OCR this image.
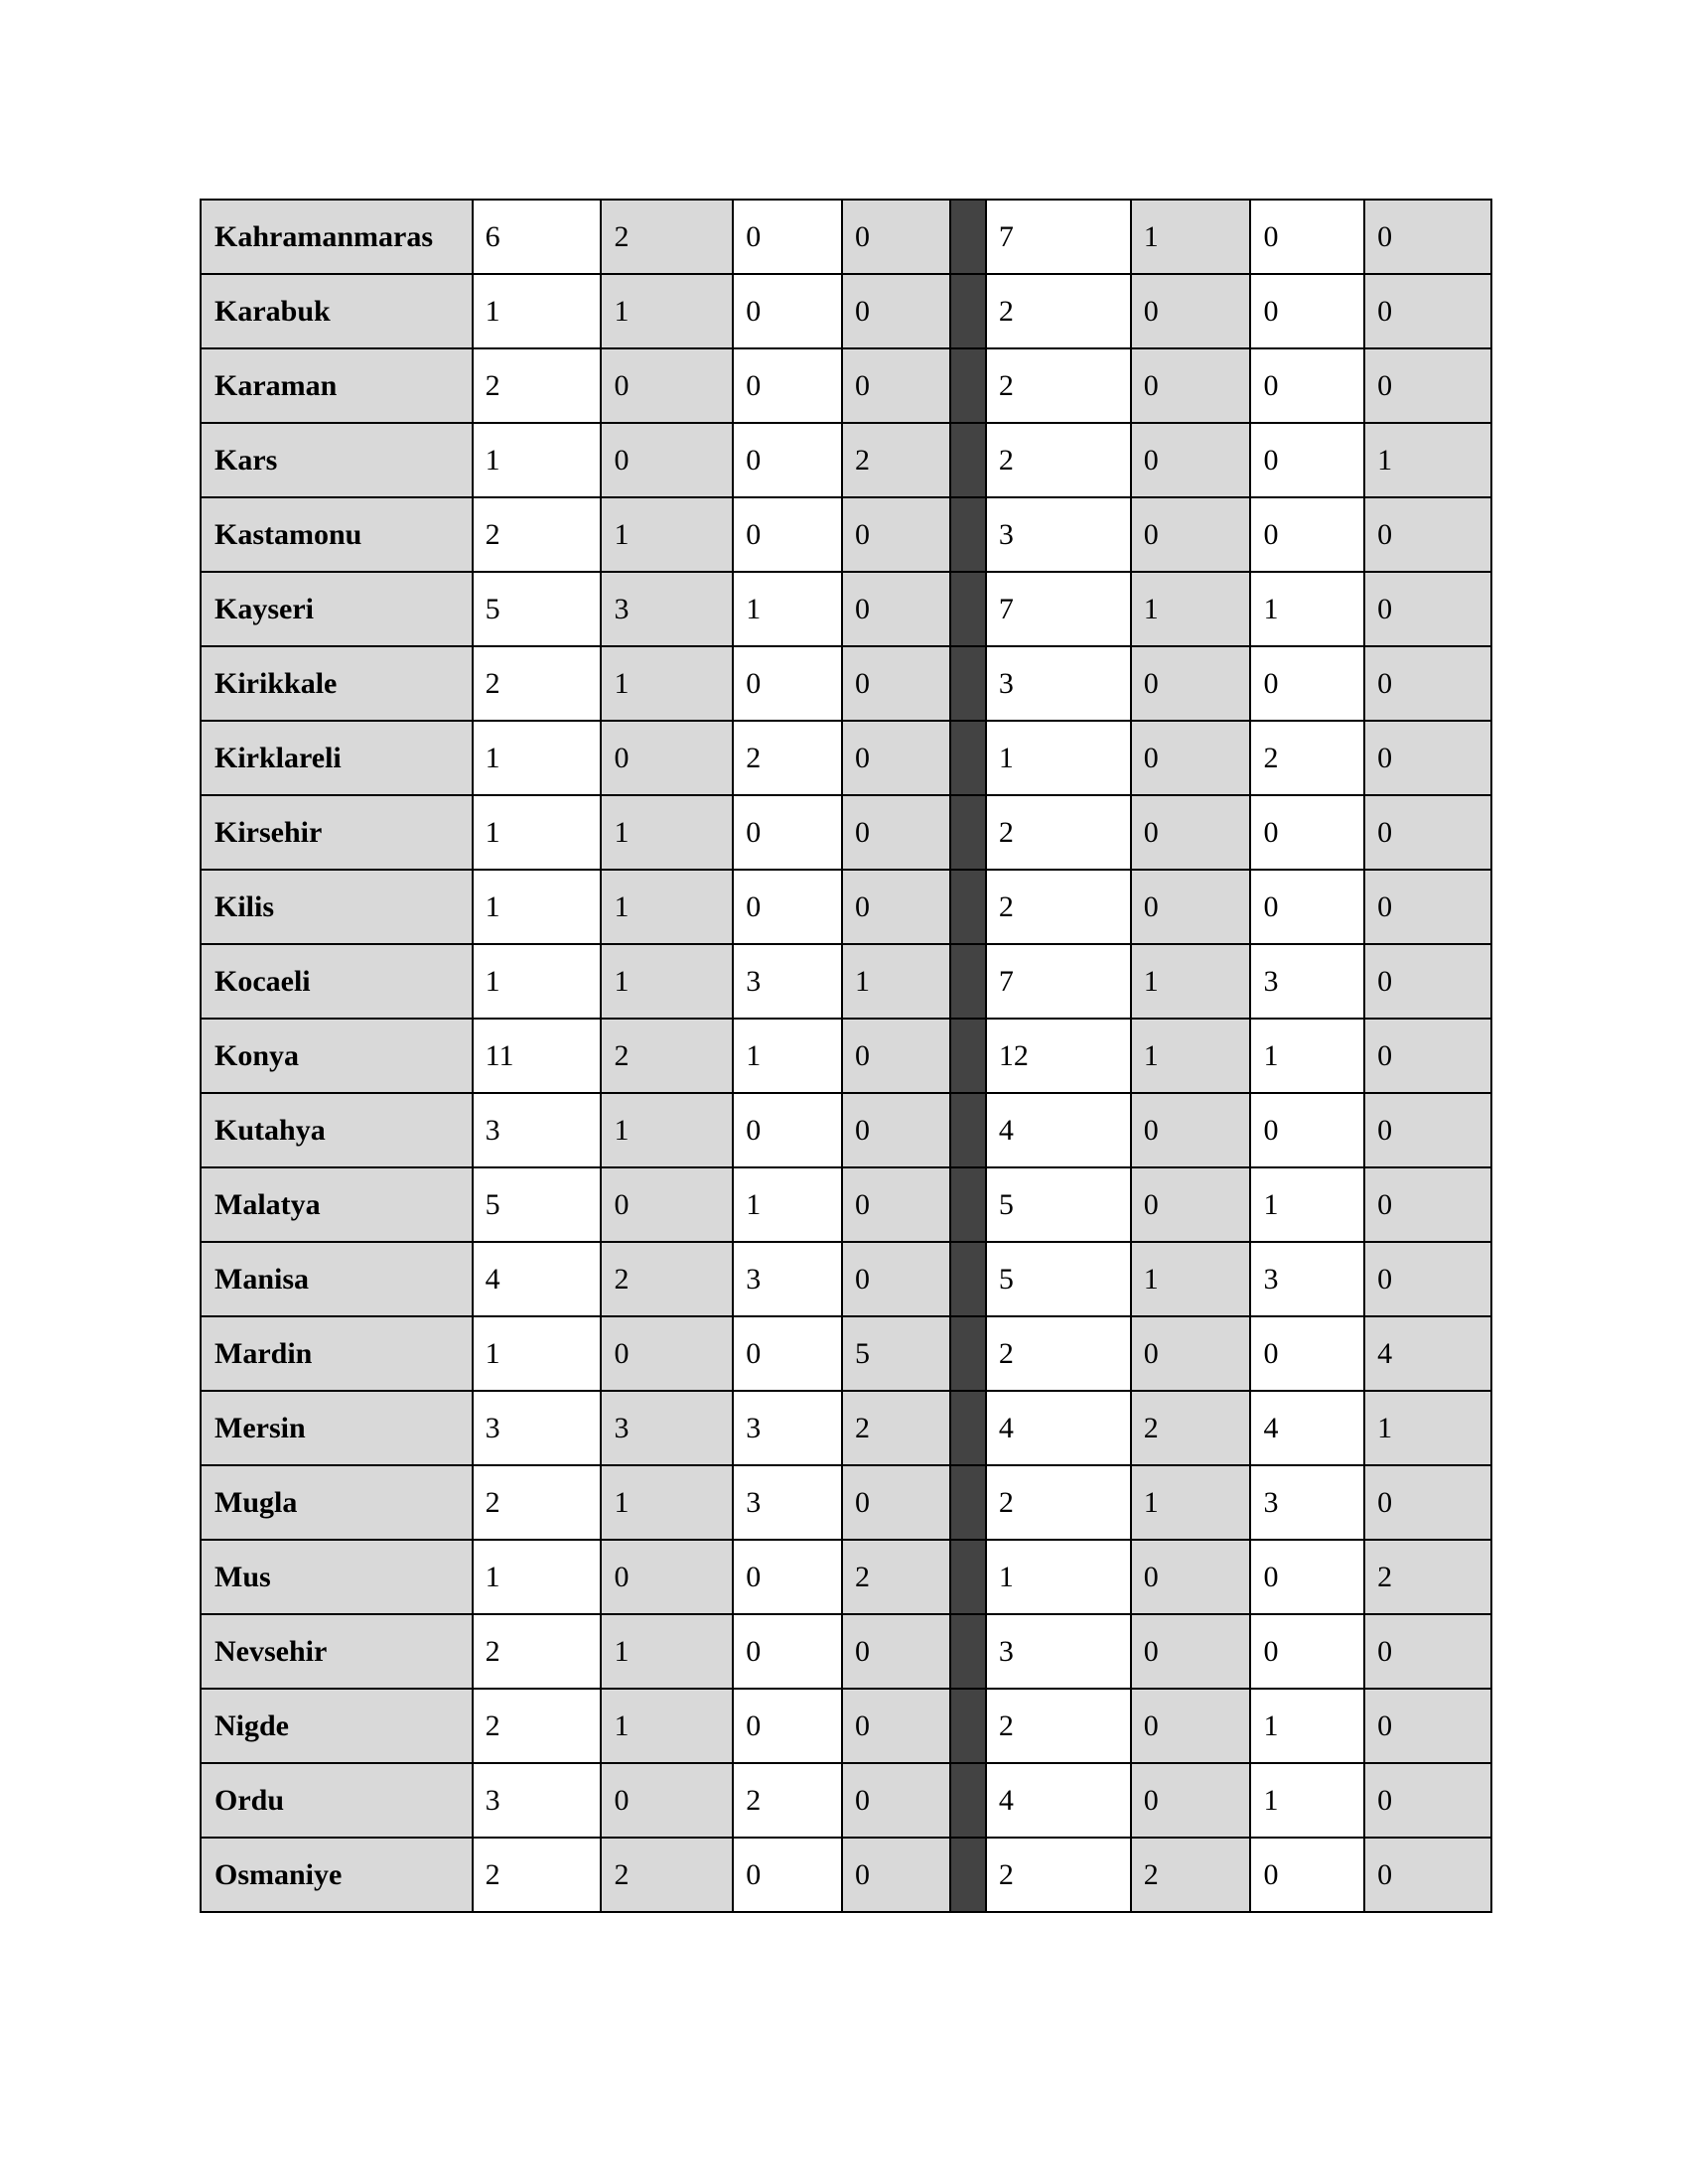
Kahramanmaras	6	2	0	0		7	1	0	0
Karabuk	1	1	0	0		2	0	0	0
Karaman	2	0	0	0		2	0	0	0
Kars	1	0	0	2		2	0	0	1
Kastamonu	2	1	0	0		3	0	0	0
Kayseri	5	3	1	0		7	1	1	0
Kirikkale	2	1	0	0		3	0	0	0
Kirklareli	1	0	2	0		1	0	2	0
Kirsehir	1	1	0	0		2	0	0	0
Kilis	1	1	0	0		2	0	0	0
Kocaeli	1	1	3	1		7	1	3	0
Konya	11	2	1	0		12	1	1	0
Kutahya	3	1	0	0		4	0	0	0
Malatya	5	0	1	0		5	0	1	0
Manisa	4	2	3	0		5	1	3	0
Mardin	1	0	0	5		2	0	0	4
Mersin	3	3	3	2		4	2	4	1
Mugla	2	1	3	0		2	1	3	0
Mus	1	0	0	2		1	0	0	2
Nevsehir	2	1	0	0		3	0	0	0
Nigde	2	1	0	0		2	0	1	0
Ordu	3	0	2	0		4	0	1	0
Osmaniye	2	2	0	0		2	2	0	0
